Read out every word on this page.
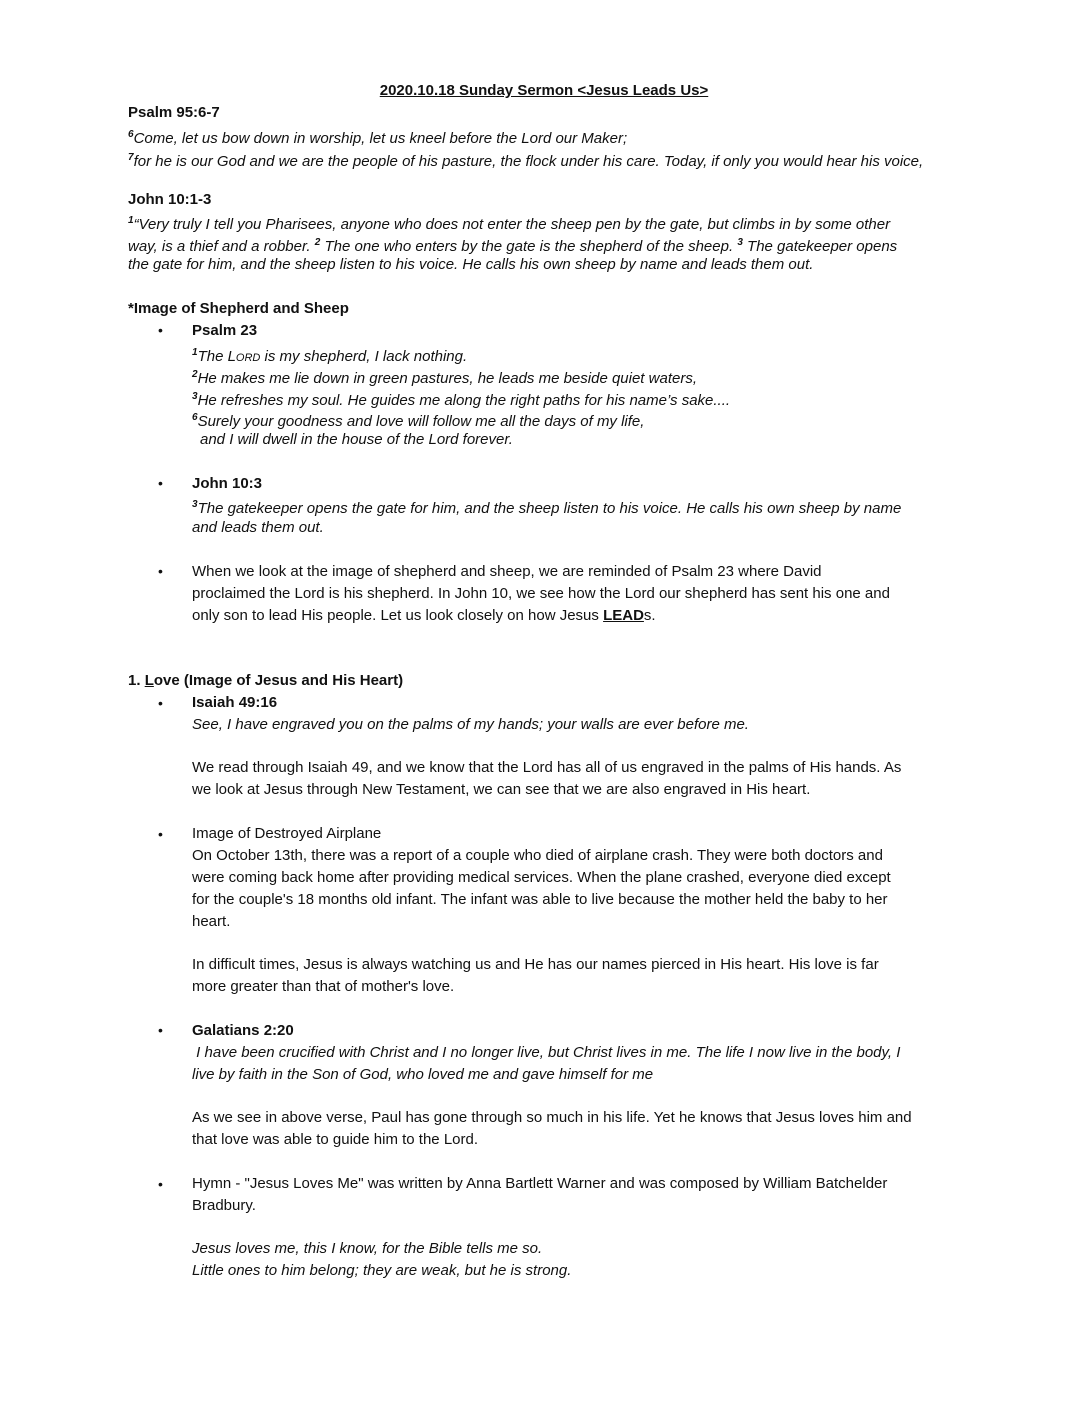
2020.10.18 Sunday Sermon <Jesus Leads Us>
Psalm 95:6-7
$^6$Come, let us bow down in worship, let us kneel before the Lord our Maker;
$^7$for he is our God and we are the people of his pasture, the flock under his care. Today, if only you would hear his voice,
John 10:1-3
$^1$“Very truly I tell you Pharisees, anyone who does not enter the sheep pen by the gate, but climbs in by some other
way, is a thief and a robber. $^2$ The one who enters by the gate is the shepherd of the sheep. $^3$ The gatekeeper opens
the gate for him, and the sheep listen to his voice. He calls his own sheep by name and leads them out.
*Image of Shepherd and Sheep
• Psalm 23
$^1$The LORD is my shepherd, I lack nothing.
$^2$He makes me lie down in green pastures, he leads me beside quiet waters,
$^3$He refreshes my soul. He guides me along the right paths for his name’s sake....
$^6$Surely your goodness and love will follow me all the days of my life,
and I will dwell in the house of the Lord forever.
• John 10:3
$^3$The gatekeeper opens the gate for him, and the sheep listen to his voice. He calls his own sheep by name
and leads them out.
• When we look at the image of shepherd and sheep, we are reminded of Psalm 23 where David
proclaimed the Lord is his shepherd. In John 10, we see how the Lord our shepherd has sent his one and
only son to lead His people. Let us look closely on how Jesus LEADs.
1. Love (Image of Jesus and His Heart)
• Isaiah 49:16
See, I have engraved you on the palms of my hands; your walls are ever before me.
We read through Isaiah 49, and we know that the Lord has all of us engraved in the palms of His hands. As
we look at Jesus through New Testament, we can see that we are also engraved in His heart.
• Image of Destroyed Airplane
On October 13th, there was a report of a couple who died of airplane crash. They were both doctors and
were coming back home after providing medical services. When the plane crashed, everyone died except
for the couple's 18 months old infant. The infant was able to live because the mother held the baby to her
heart.
In difficult times, Jesus is always watching us and He has our names pierced in His heart. His love is far
more greater than that of mother's love.
• Galatians 2:20
I have been crucified with Christ and I no longer live, but Christ lives in me. The life I now live in the body, I
live by faith in the Son of God, who loved me and gave himself for me
As we see in above verse, Paul has gone through so much in his life. Yet he knows that Jesus loves him and
that love was able to guide him to the Lord.
• Hymn - "Jesus Loves Me" was written by Anna Bartlett Warner and was composed by William Batchelder
Bradbury.
Jesus loves me, this I know, for the Bible tells me so.
Little ones to him belong; they are weak, but he is strong.
